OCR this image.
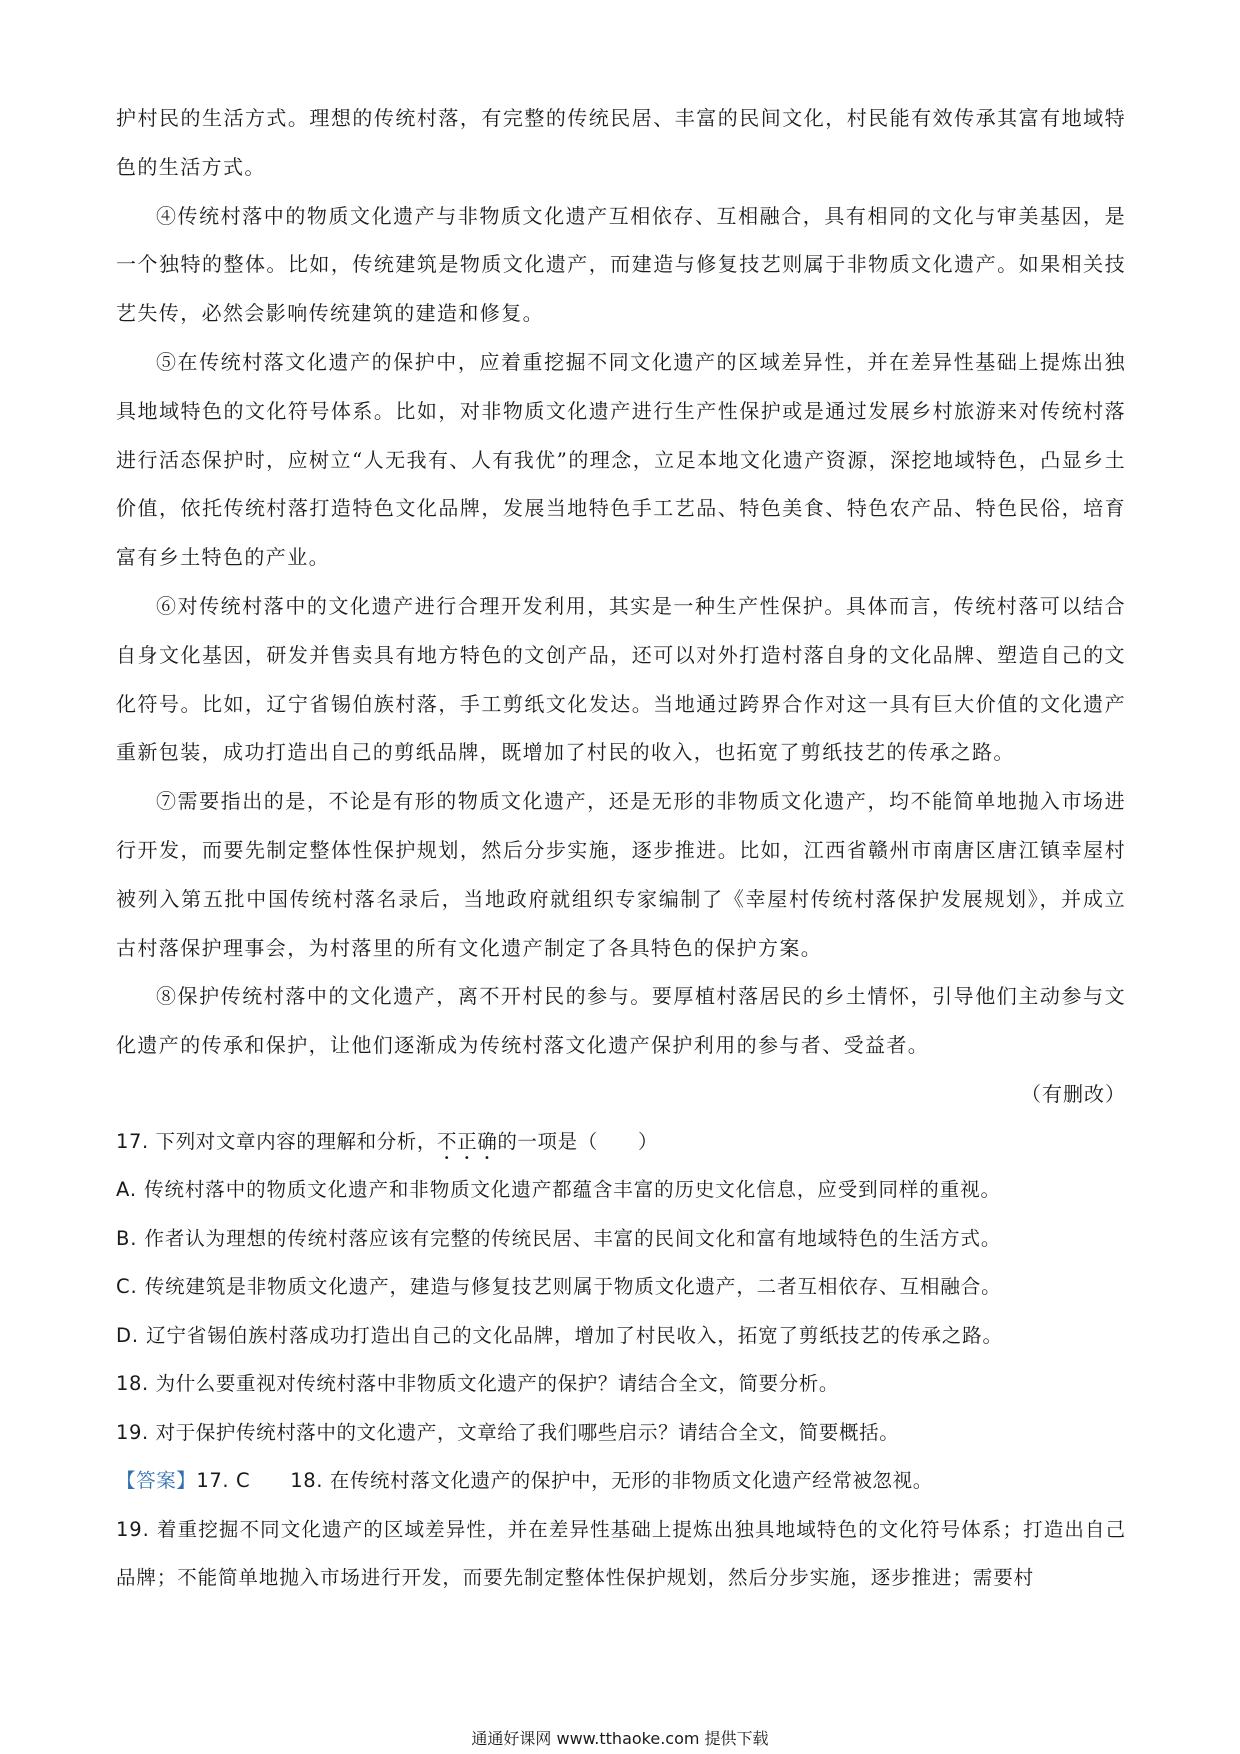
护村民的生活方式。理想的传统村落，有完整的传统民居、丰富的民间文化，村民能有效传承其富有地域特色的生活方式。

④传统村落中的物质文化遗产与非物质文化遗产互相依存、互相融合，具有相同的文化与审美基因，是一个独特的整体。比如，传统建筑是物质文化遗产，而建造与修复技艺则属于非物质文化遗产。如果相关技艺失传，必然会影响传统建筑的建造和修复。

⑤在传统村落文化遗产的保护中，应着重挖掘不同文化遗产的区域差异性，并在差异性基础上提炼出独具地域特色的文化符号体系。比如，对非物质文化遗产进行生产性保护或是通过发展乡村旅游来对传统村落进行活态保护时，应树立“人无我有、人有我优”的理念，立足本地文化遗产资源，深挖地域特色，凸显乡土价值，依托传统村落打造特色文化品牌，发展当地特色手工艺品、特色美食、特色农产品、特色民俗，培育富有乡土特色的产业。

⑥对传统村落中的文化遗产进行合理开发利用，其实是一种生产性保护。具体而言，传统村落可以结合自身文化基因，研发并售卖具有地方特色的文创产品，还可以对外打造村落自身的文化品牌、塑造自己的文化符号。比如，辽宁省锡伯族村落，手工剪纸文化发达。当地通过跨界合作对这一具有巨大价值的文化遗产重新包装，成功打造出自己的剪纸品牌，既增加了村民的收入，也拓宽了剪纸技艺的传承之路。

⑦需要指出的是，不论是有形的物质文化遗产，还是无形的非物质文化遗产，均不能简单地抛入市场进行开发，而要先制定整体性保护规划，然后分步实施，逐步推进。比如，江西省赣州市南唐区唐江镇幸屋村被列入第五批中国传统村落名录后，当地政府就组织专家编制了《幸屋村传统村落保护发展规划》，并成立古村落保护理事会，为村落里的所有文化遗产制定了各具特色的保护方案。

⑧保护传统村落中的文化遗产，离不开村民的参与。要厚植村落居民的乡土情怀，引导他们主动参与文化遗产的传承和保护，让他们逐渐成为传统村落文化遗产保护利用的参与者、受益者。

（有删改）

17. 下列对文章内容的理解和分析，不正确的一项是（　　）

A. 传统村落中的物质文化遗产和非物质文化遗产都蕴含丰富的历史文化信息，应受到同样的重视。

B. 作者认为理想的传统村落应该有完整的传统民居、丰富的民间文化和富有地域特色的生活方式。

C. 传统建筑是非物质文化遗产，建造与修复技艺则属于物质文化遗产，二者互相依存、互相融合。

D. 辽宁省锡伯族村落成功打造出自己的文化品牌，增加了村民收入，拓宽了剪纸技艺的传承之路。

18. 为什么要重视对传统村落中非物质文化遗产的保护？请结合全文，简要分析。

19. 对于保护传统村落中的文化遗产，文章给了我们哪些启示？请结合全文，简要概括。

【答案】17. C 18. 在传统村落文化遗产的保护中，无形的非物质文化遗产经常被忽视。

19. 着重挖掘不同文化遗产的区域差异性，并在差异性基础上提炼出独具地域特色的文化符号体系；打造出自己品牌；不能简单地抛入市场进行开发，而要先制定整体性保护规划，然后分步实施，逐步推进；需要村

通通好课网 www.tthaoke.com 提供下载
